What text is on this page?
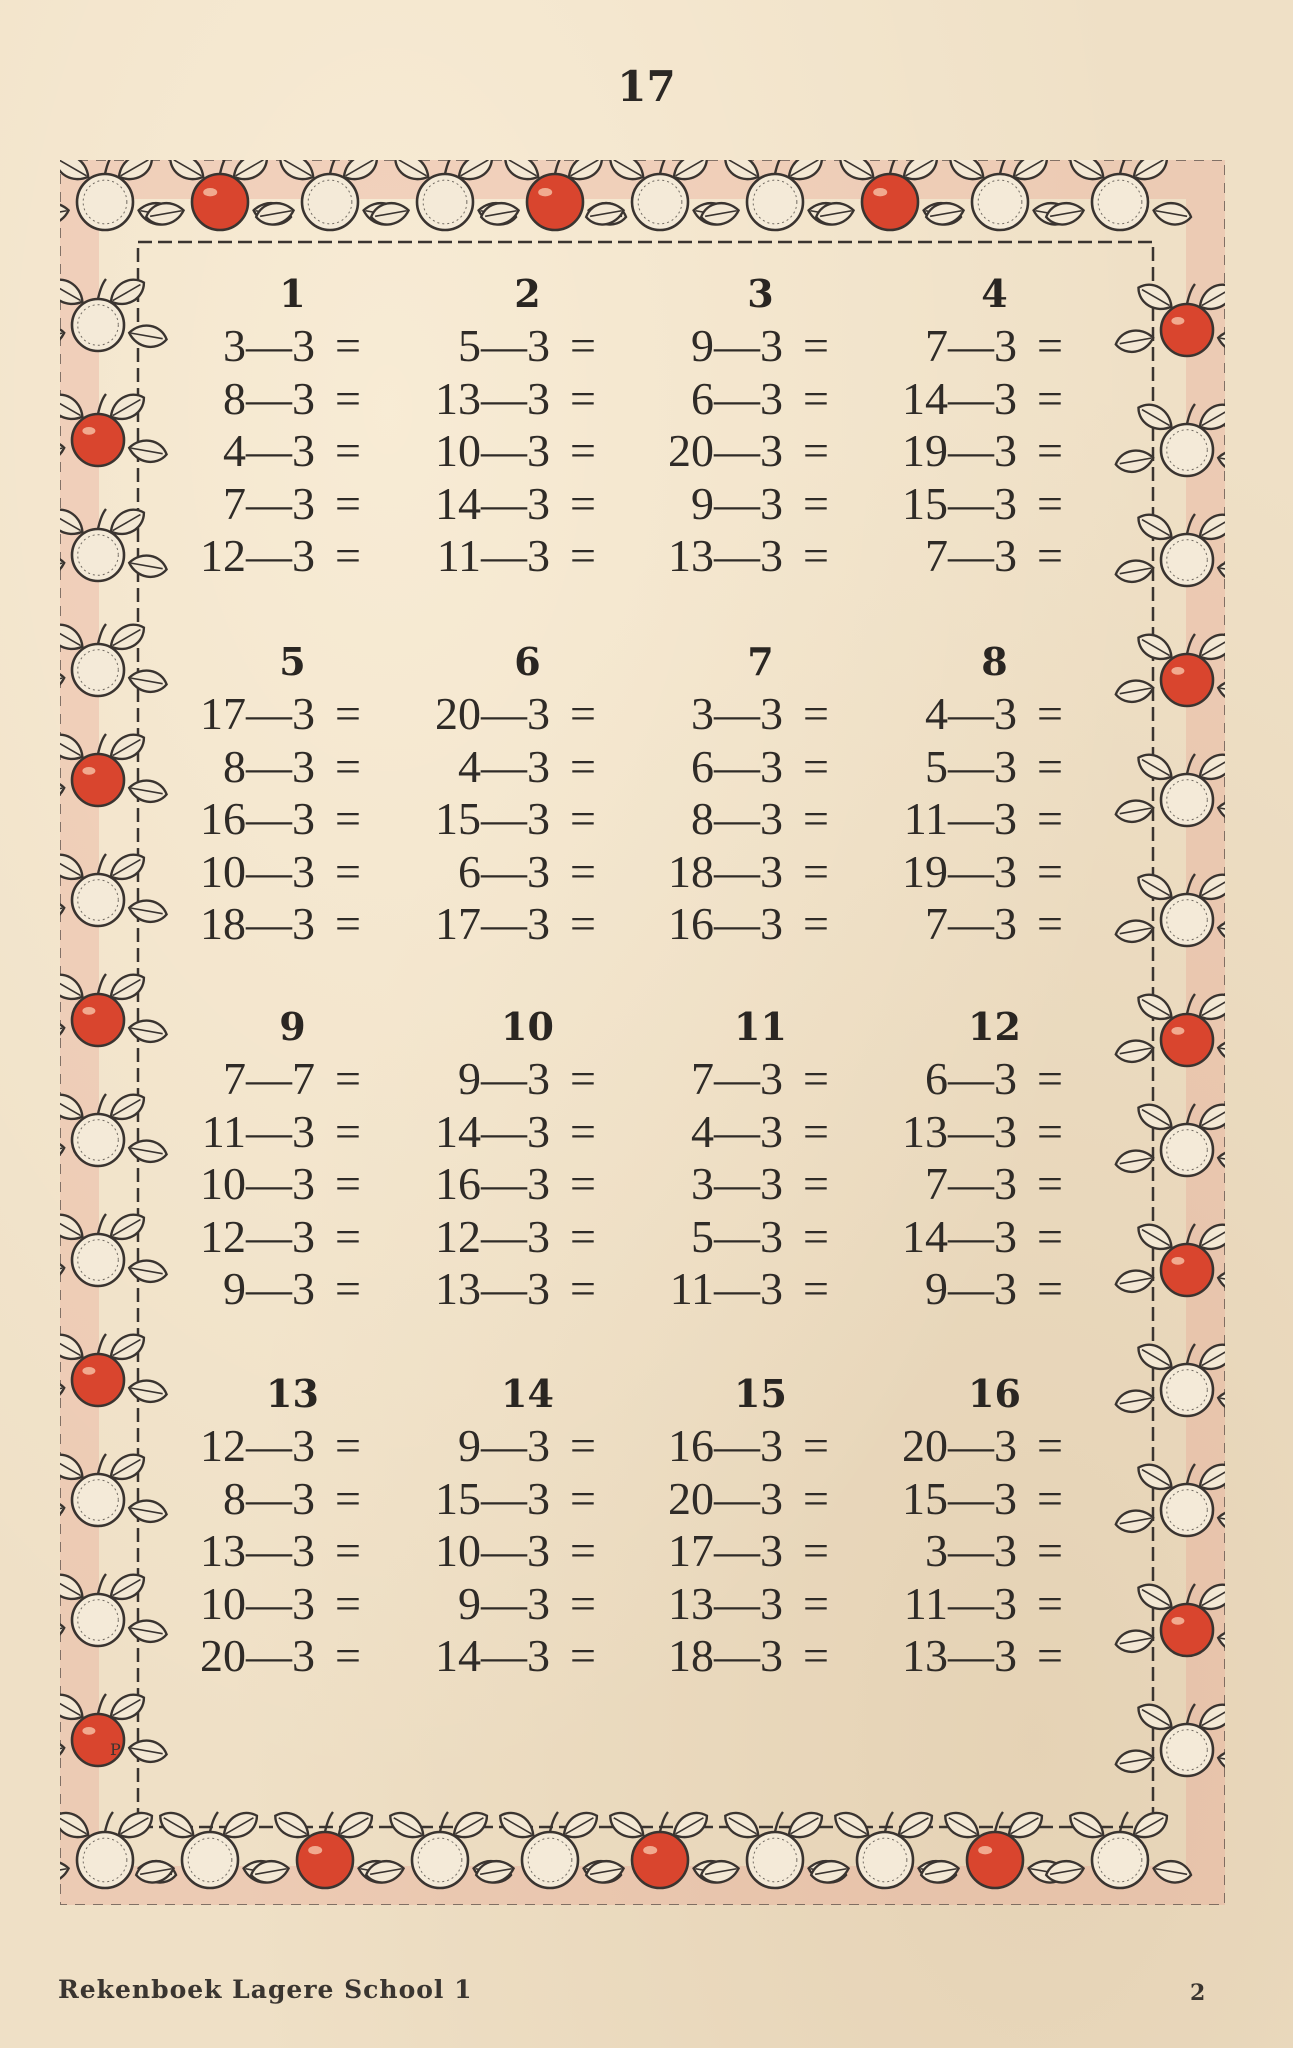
17
P.
1
3—3 =
8—3 =
4—3 =
7—3 =
12—3 =
2
5—3 =
13—3 =
10—3 =
14—3 =
11—3 =
3
9—3 =
6—3 =
20—3 =
9—3 =
13—3 =
4
7—3 =
14—3 =
19—3 =
15—3 =
7—3 =
5
17—3 =
8—3 =
16—3 =
10—3 =
18—3 =
6
20—3 =
4—3 =
15—3 =
6—3 =
17—3 =
7
3—3 =
6—3 =
8—3 =
18—3 =
16—3 =
8
4—3 =
5—3 =
11—3 =
19—3 =
7—3 =
9
7—7 =
11—3 =
10—3 =
12—3 =
9—3 =
10
9—3 =
14—3 =
16—3 =
12—3 =
13—3 =
11
7—3 =
4—3 =
3—3 =
5—3 =
11—3 =
12
6—3 =
13—3 =
7—3 =
14—3 =
9—3 =
13
12—3 =
8—3 =
13—3 =
10—3 =
20—3 =
14
9—3 =
15—3 =
10—3 =
9—3 =
14—3 =
15
16—3 =
20—3 =
17—3 =
13—3 =
18—3 =
16
20—3 =
15—3 =
3—3 =
11—3 =
13—3 =
Rekenboek Lagere School 1	2
